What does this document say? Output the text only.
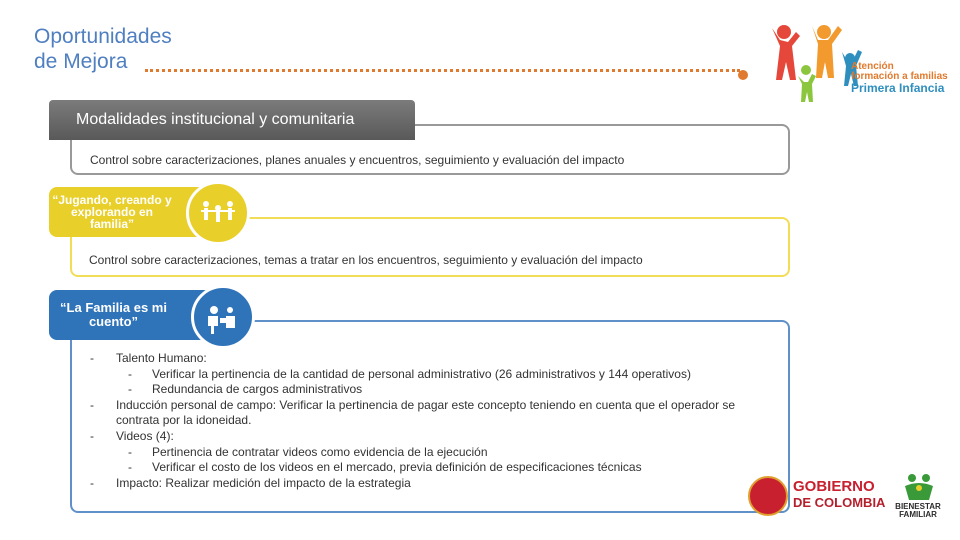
Oportunidades
de Mejora	Atención
formación a familias
Primera Infancia
Modalidades institucional y comunitaria
Control sobre caracterizaciones, planes anuales y encuentros, seguimiento y evaluación del impacto
“Jugando, creando y explorando en familia”
Control sobre caracterizaciones, temas a tratar en los encuentros, seguimiento y evaluación del impacto
“La Familia es mi cuento”
-	Talento Humano:
-	Verificar la pertinencia de la cantidad de personal administrativo (26 administrativos y 144 operativos)
-	Redundancia de cargos administrativos
-	Inducción personal de campo: Verificar la pertinencia de pagar este concepto teniendo en cuenta que el operador se contrata por la idoneidad.
-	Videos (4):
-	Pertinencia de contratar videos como evidencia de la ejecución
-	Verificar el costo de los videos en el mercado, previa definición de especificaciones técnicas
-	Impacto: Realizar medición del impacto de la estrategia	GOBIERNO
DE COLOMBIA BIENESTAR
FAMILIAR
